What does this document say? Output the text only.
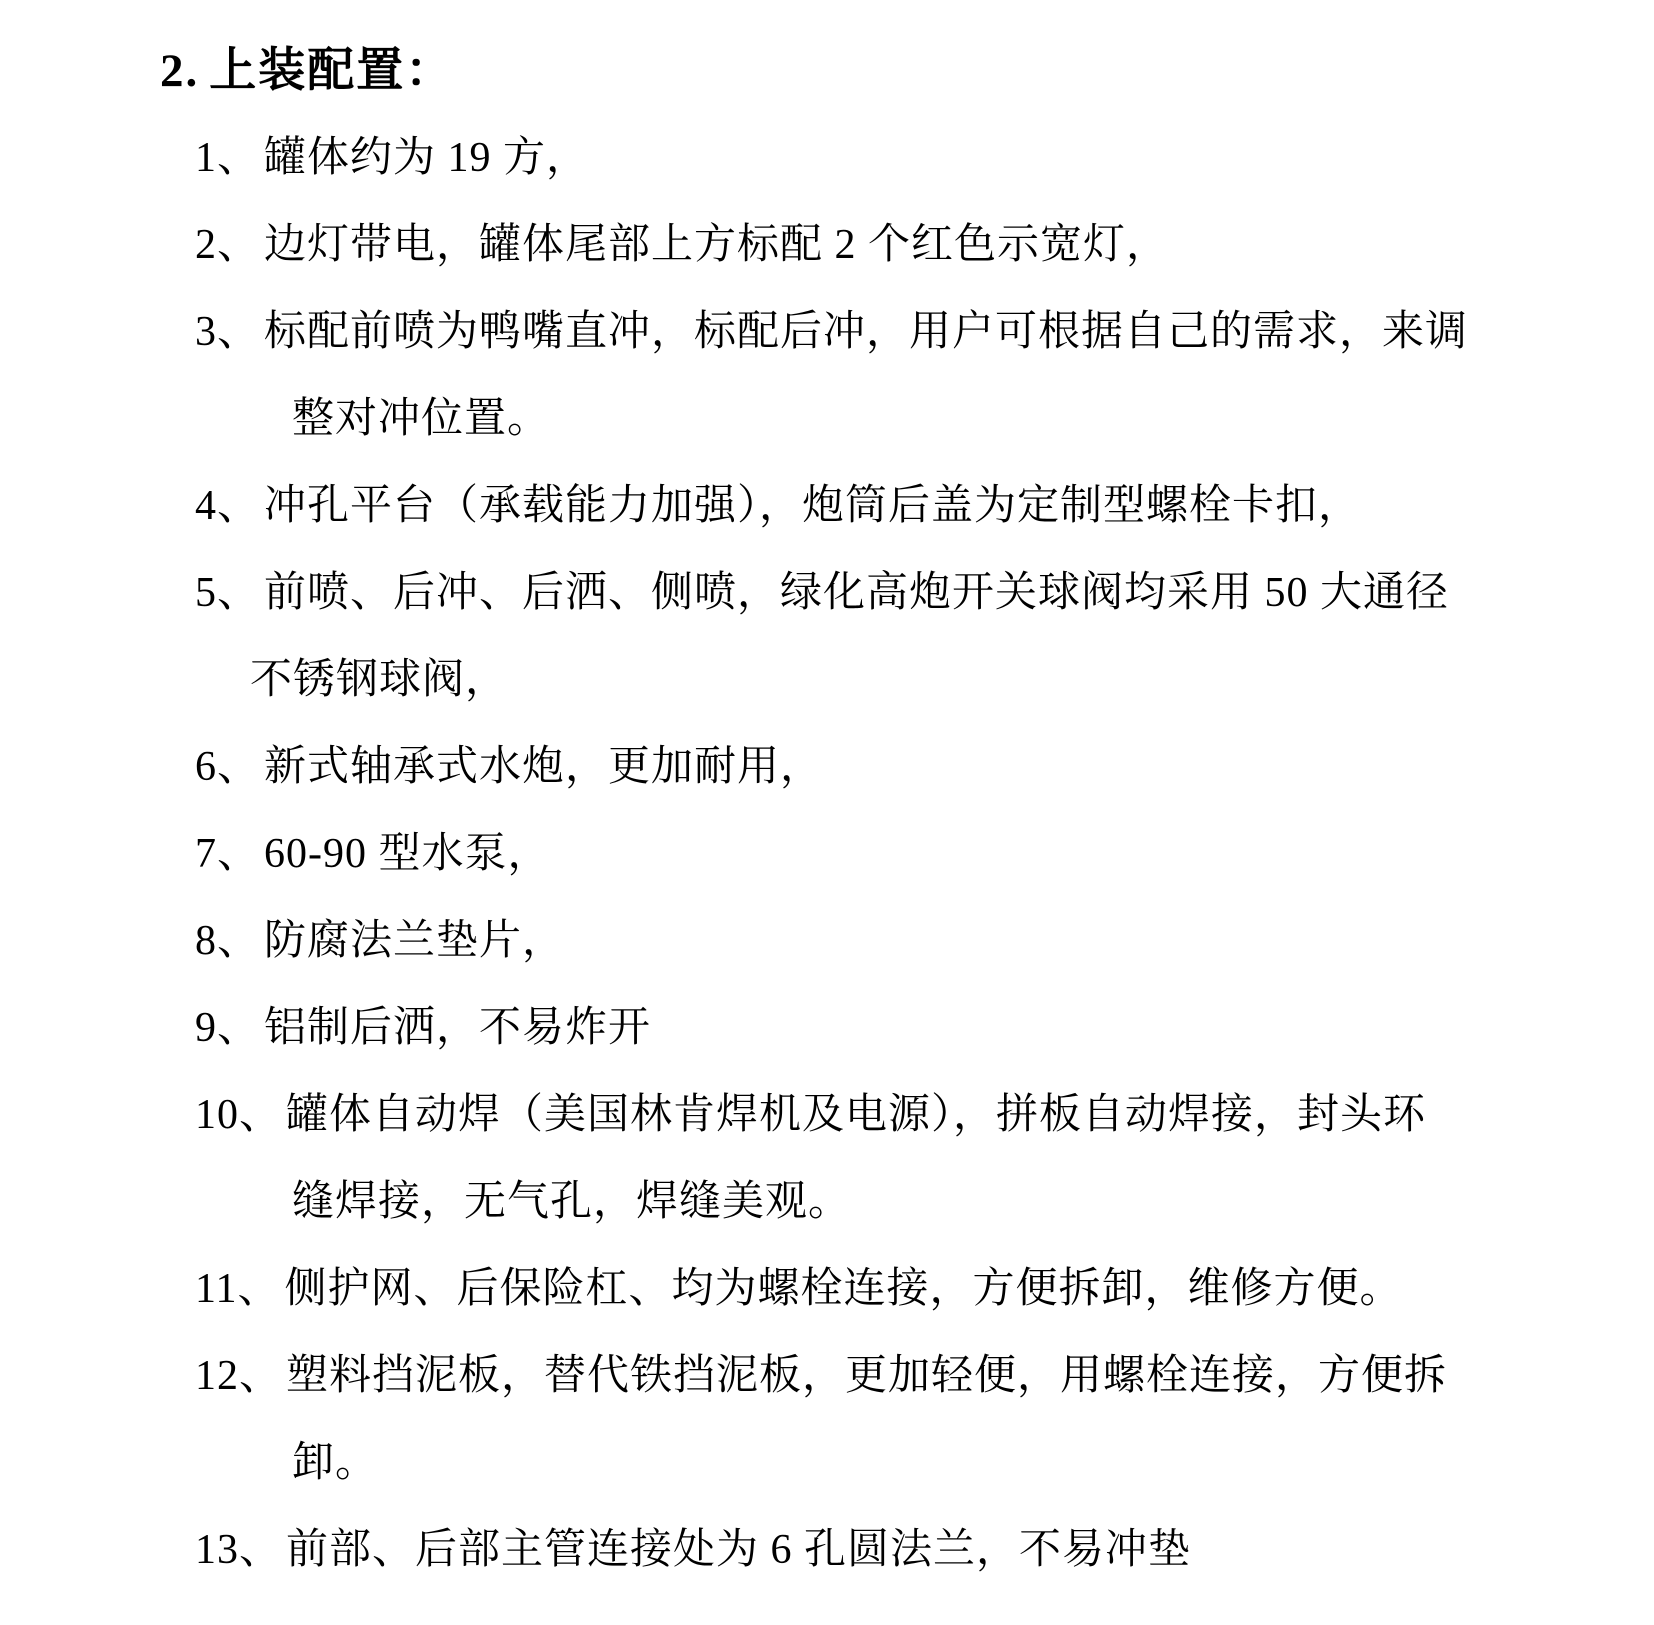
2. 上装配置：
1、罐体约为 19 方，
2、边灯带电，罐体尾部上方标配 2 个红色示宽灯，
3、标配前喷为鸭嘴直冲，标配后冲，用户可根据自己的需求，来调
整对冲位置。
4、冲孔平台（承载能力加强），炮筒后盖为定制型螺栓卡扣，
5、前喷、后冲、后洒、侧喷，绿化高炮开关球阀均采用 50 大通径
不锈钢球阀，
6、新式轴承式水炮，更加耐用，
7、60-90 型水泵，
8、防腐法兰垫片，
9、铝制后洒，不易炸开
10、罐体自动焊（美国林肯焊机及电源），拼板自动焊接，封头环
缝焊接，无气孔，焊缝美观。
11、侧护网、后保险杠、均为螺栓连接，方便拆卸，维修方便。
12、塑料挡泥板，替代铁挡泥板，更加轻便，用螺栓连接，方便拆
卸。
13、前部、后部主管连接处为 6 孔圆法兰，不易冲垫
